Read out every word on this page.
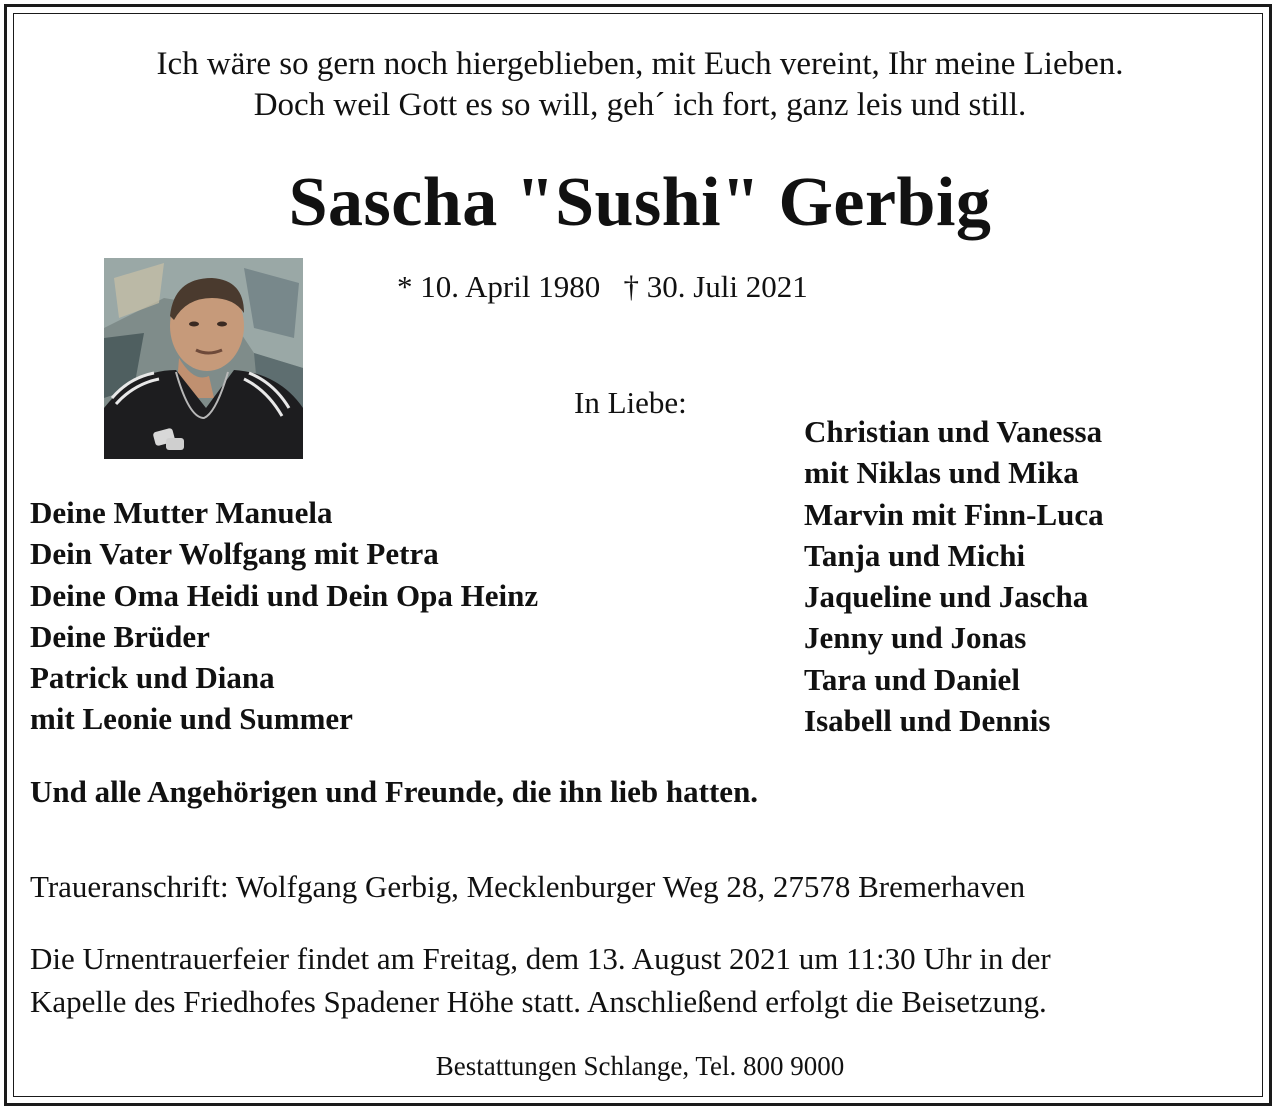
Ich wäre so gern noch hiergeblieben, mit Euch vereint, Ihr meine Lieben.
Doch weil Gott es so will, geh´ ich fort, ganz leis und still.
Sascha "Sushi" Gerbig
* 10. April 1980   † 30. Juli 2021
In Liebe:
Deine Mutter Manuela
Dein Vater Wolfgang mit Petra
Deine Oma Heidi und Dein Opa Heinz
Deine Brüder
Patrick und Diana
mit Leonie und Summer
Christian und Vanessa
mit Niklas und Mika
Marvin mit Finn-Luca
Tanja und Michi
Jaqueline und Jascha
Jenny und Jonas
Tara und Daniel
Isabell und Dennis
Und alle Angehörigen und Freunde, die ihn lieb hatten.
Traueranschrift: Wolfgang Gerbig, Mecklenburger Weg 28, 27578 Bremerhaven
Die Urnentrauerfeier findet am Freitag, dem 13. August 2021 um 11:30 Uhr in der
Kapelle des Friedhofes Spadener Höhe statt. Anschließend erfolgt die Beisetzung.
Bestattungen Schlange, Tel. 800 9000
